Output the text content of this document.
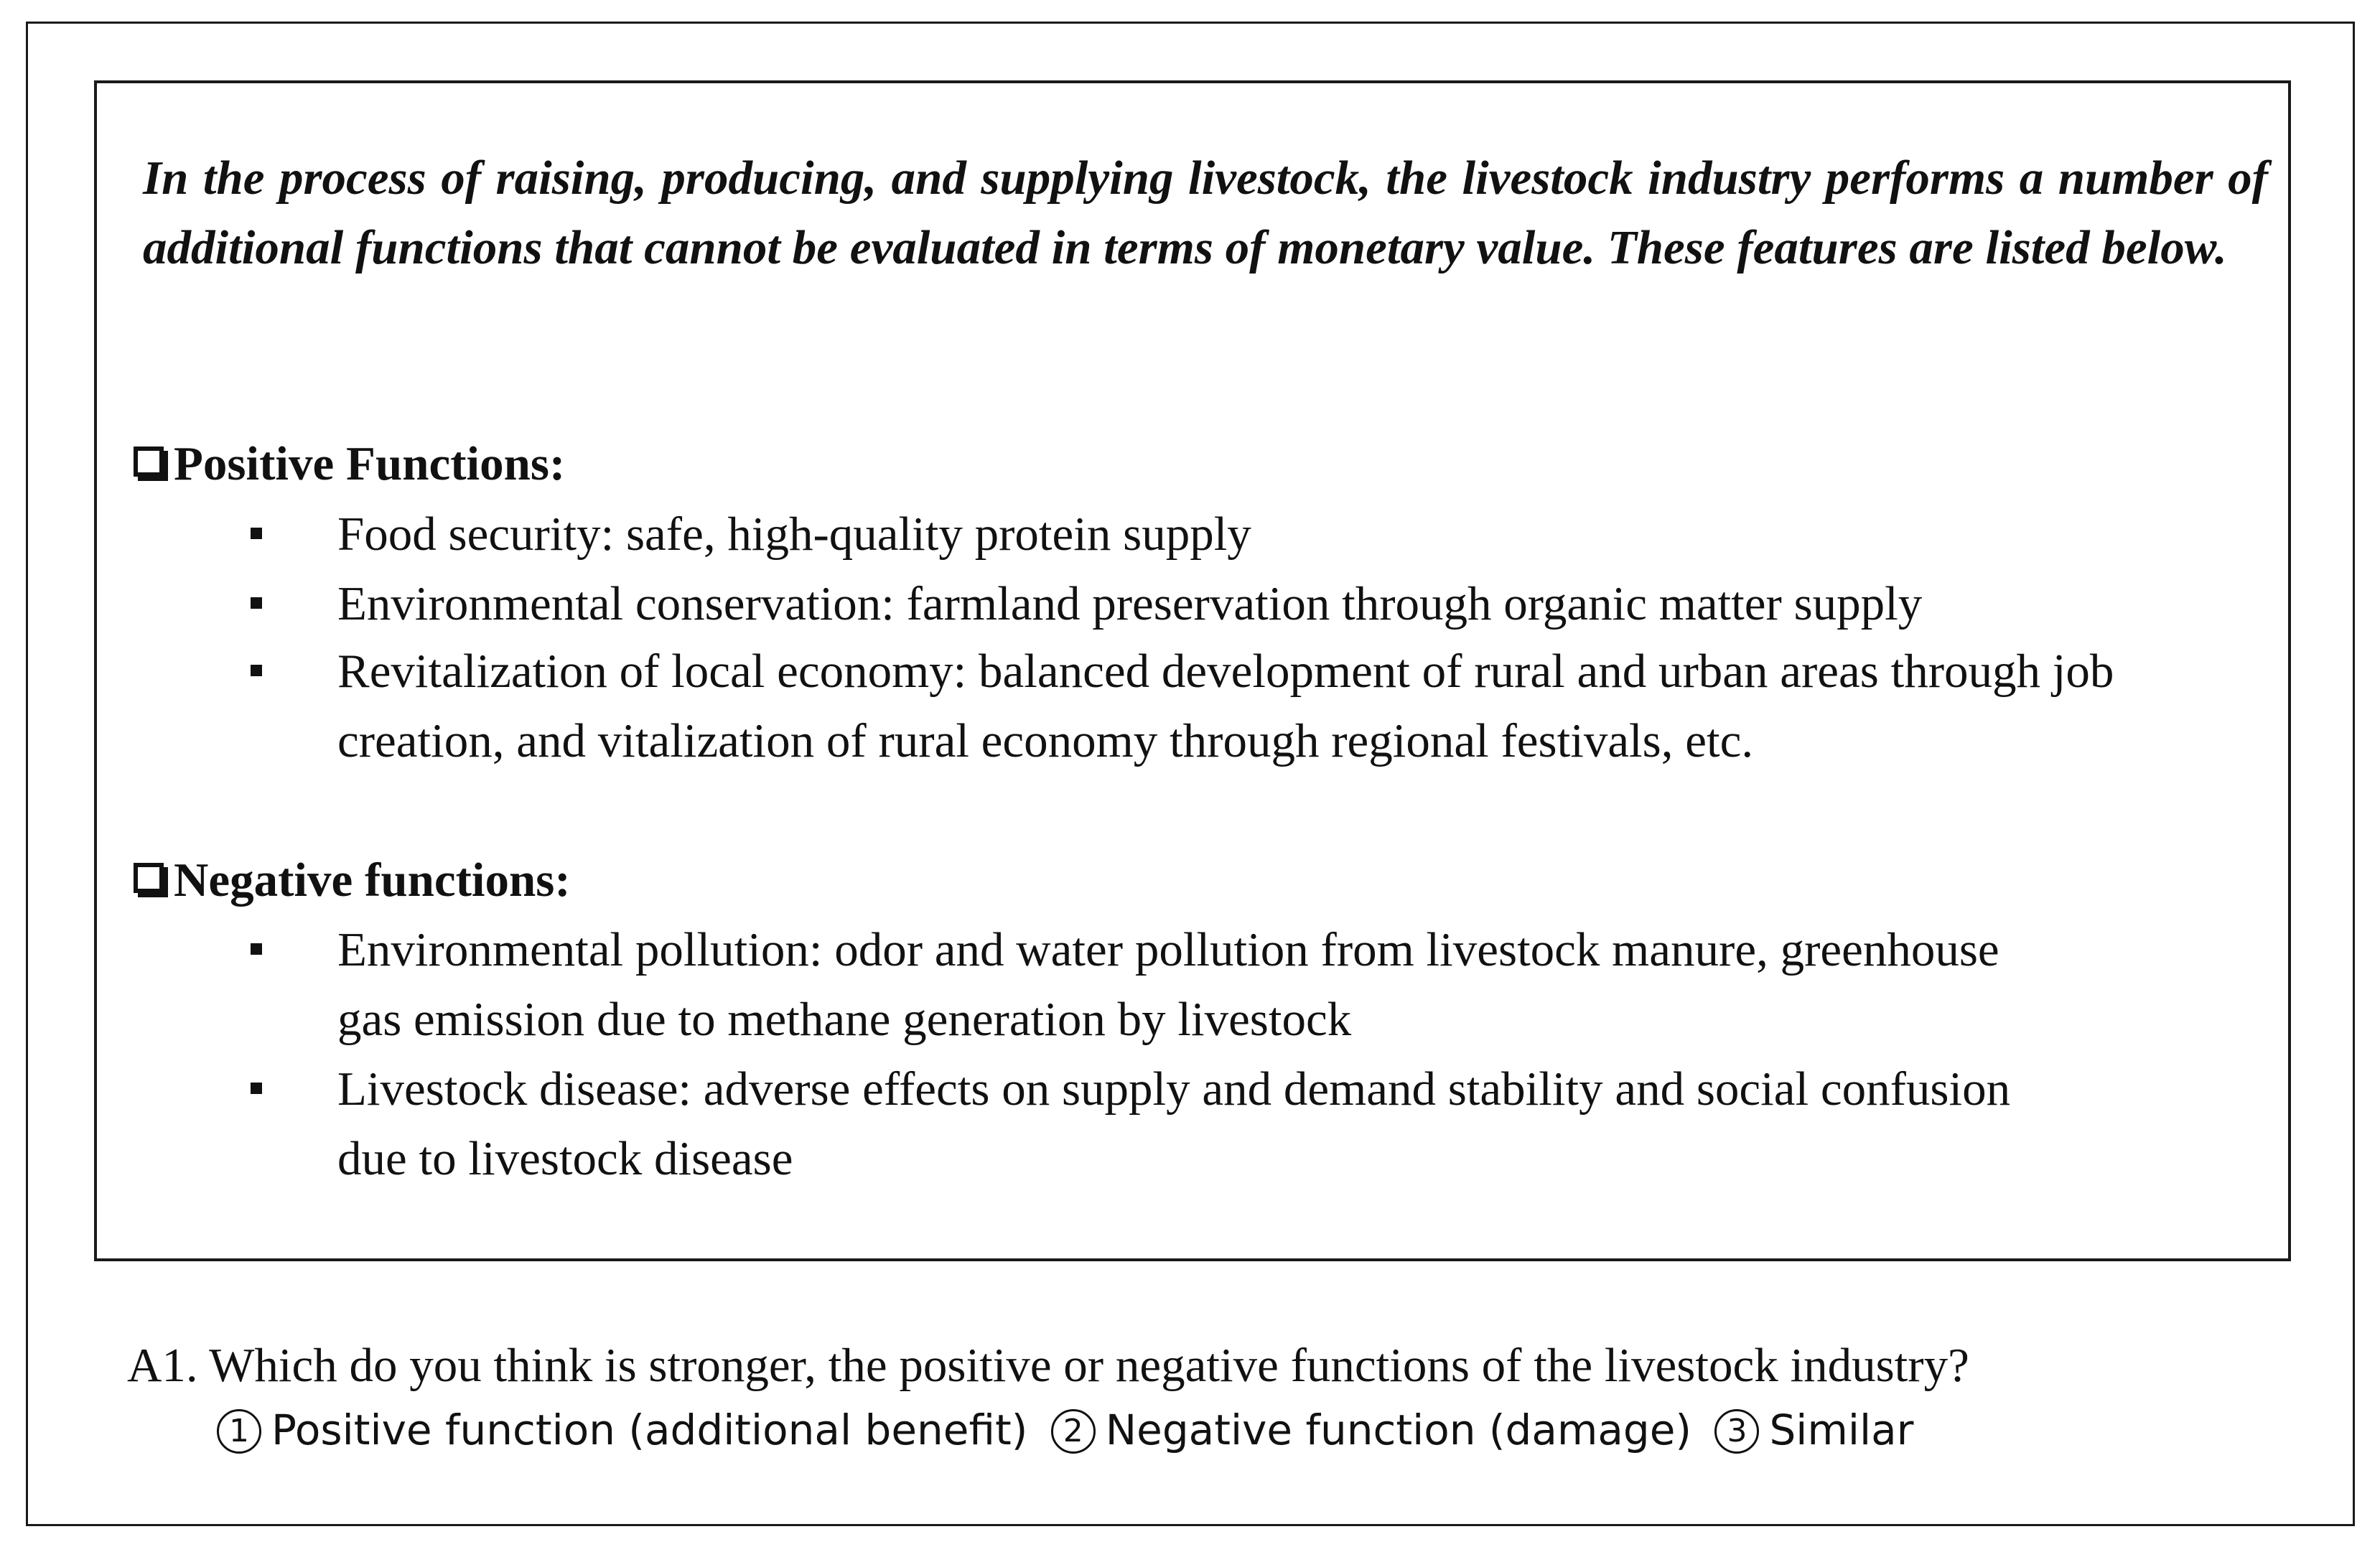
In the process of raising, producing, and supplying livestock, the livestock industry performs a number of additional functions that cannot be evaluated in terms of monetary value. These features are listed below.
Positive Functions:
Food security: safe, high-quality protein supply
Environmental conservation: farmland preservation through organic matter supply
Revitalization of local economy: balanced development of rural and urban areas through job creation, and vitalization of rural economy through regional festivals, etc.
Negative functions:
Environmental pollution: odor and water pollution from livestock manure, greenhouse gas emission due to methane generation by livestock
Livestock disease: adverse effects on supply and demand stability and social confusion due to livestock disease
A1. Which do you think is stronger, the positive or negative functions of the livestock industry?
1 Positive function (additional benefit) 2 Negative function (damage) 3 Similar
